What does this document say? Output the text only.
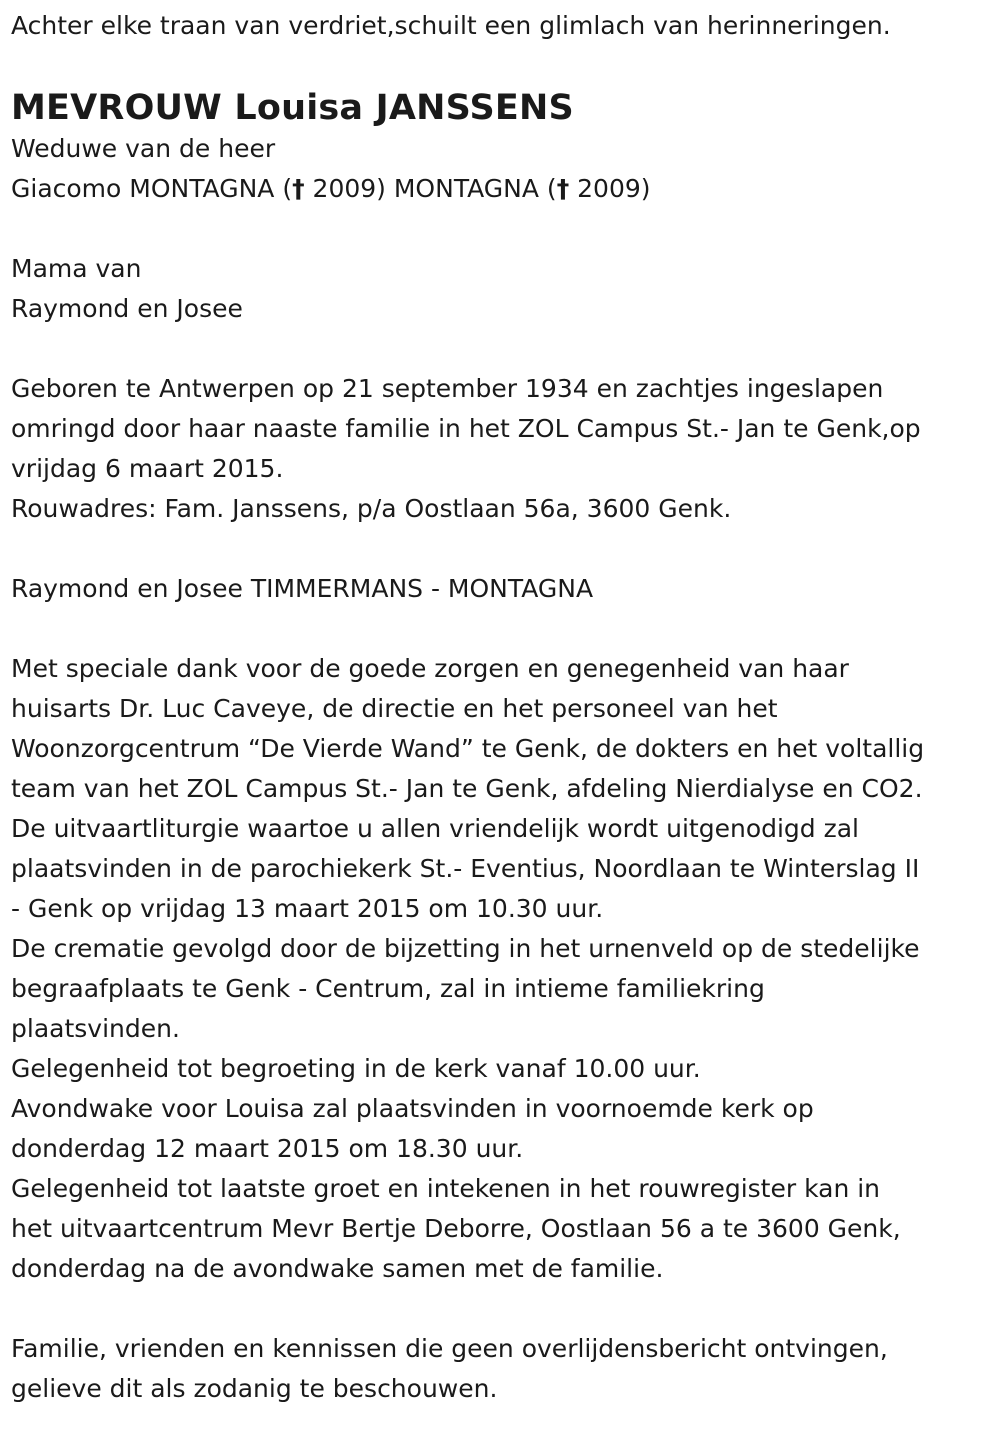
Achter elke traan van verdriet,schuilt een glimlach van herinneringen.

MEVROUW Louisa JANSSENS

Weduwe van de heer

Giacomo MONTAGNA († 2009) MONTAGNA († 2009)

Mama van

Raymond en Josee

Geboren te Antwerpen op 21 september 1934 en zachtjes ingeslapen

omringd door haar naaste familie in het ZOL Campus St.- Jan te Genk,op

vrijdag 6 maart 2015.

Rouwadres: Fam. Janssens, p/a Oostlaan 56a, 3600 Genk.

Raymond en Josee TIMMERMANS - MONTAGNA

Met speciale dank voor de goede zorgen en genegenheid van haar

huisarts Dr. Luc Caveye, de directie en het personeel van het

Woonzorgcentrum “De Vierde Wand” te Genk, de dokters en het voltallig

team van het ZOL Campus St.- Jan te Genk, afdeling Nierdialyse en CO2.

De uitvaartliturgie waartoe u allen vriendelijk wordt uitgenodigd zal

plaatsvinden in de parochiekerk St.- Eventius, Noordlaan te Winterslag II

- Genk op vrijdag 13 maart 2015 om 10.30 uur.

De crematie gevolgd door de bijzetting in het urnenveld op de stedelijke

begraafplaats te Genk - Centrum, zal in intieme familiekring

plaatsvinden.

Gelegenheid tot begroeting in de kerk vanaf 10.00 uur.

Avondwake voor Louisa zal plaatsvinden in voornoemde kerk op

donderdag 12 maart 2015 om 18.30 uur.

Gelegenheid tot laatste groet en intekenen in het rouwregister kan in

het uitvaartcentrum Mevr Bertje Deborre, Oostlaan 56 a te 3600 Genk,

donderdag na de avondwake samen met de familie.

Familie, vrienden en kennissen die geen overlijdensbericht ontvingen,

gelieve dit als zodanig te beschouwen.
